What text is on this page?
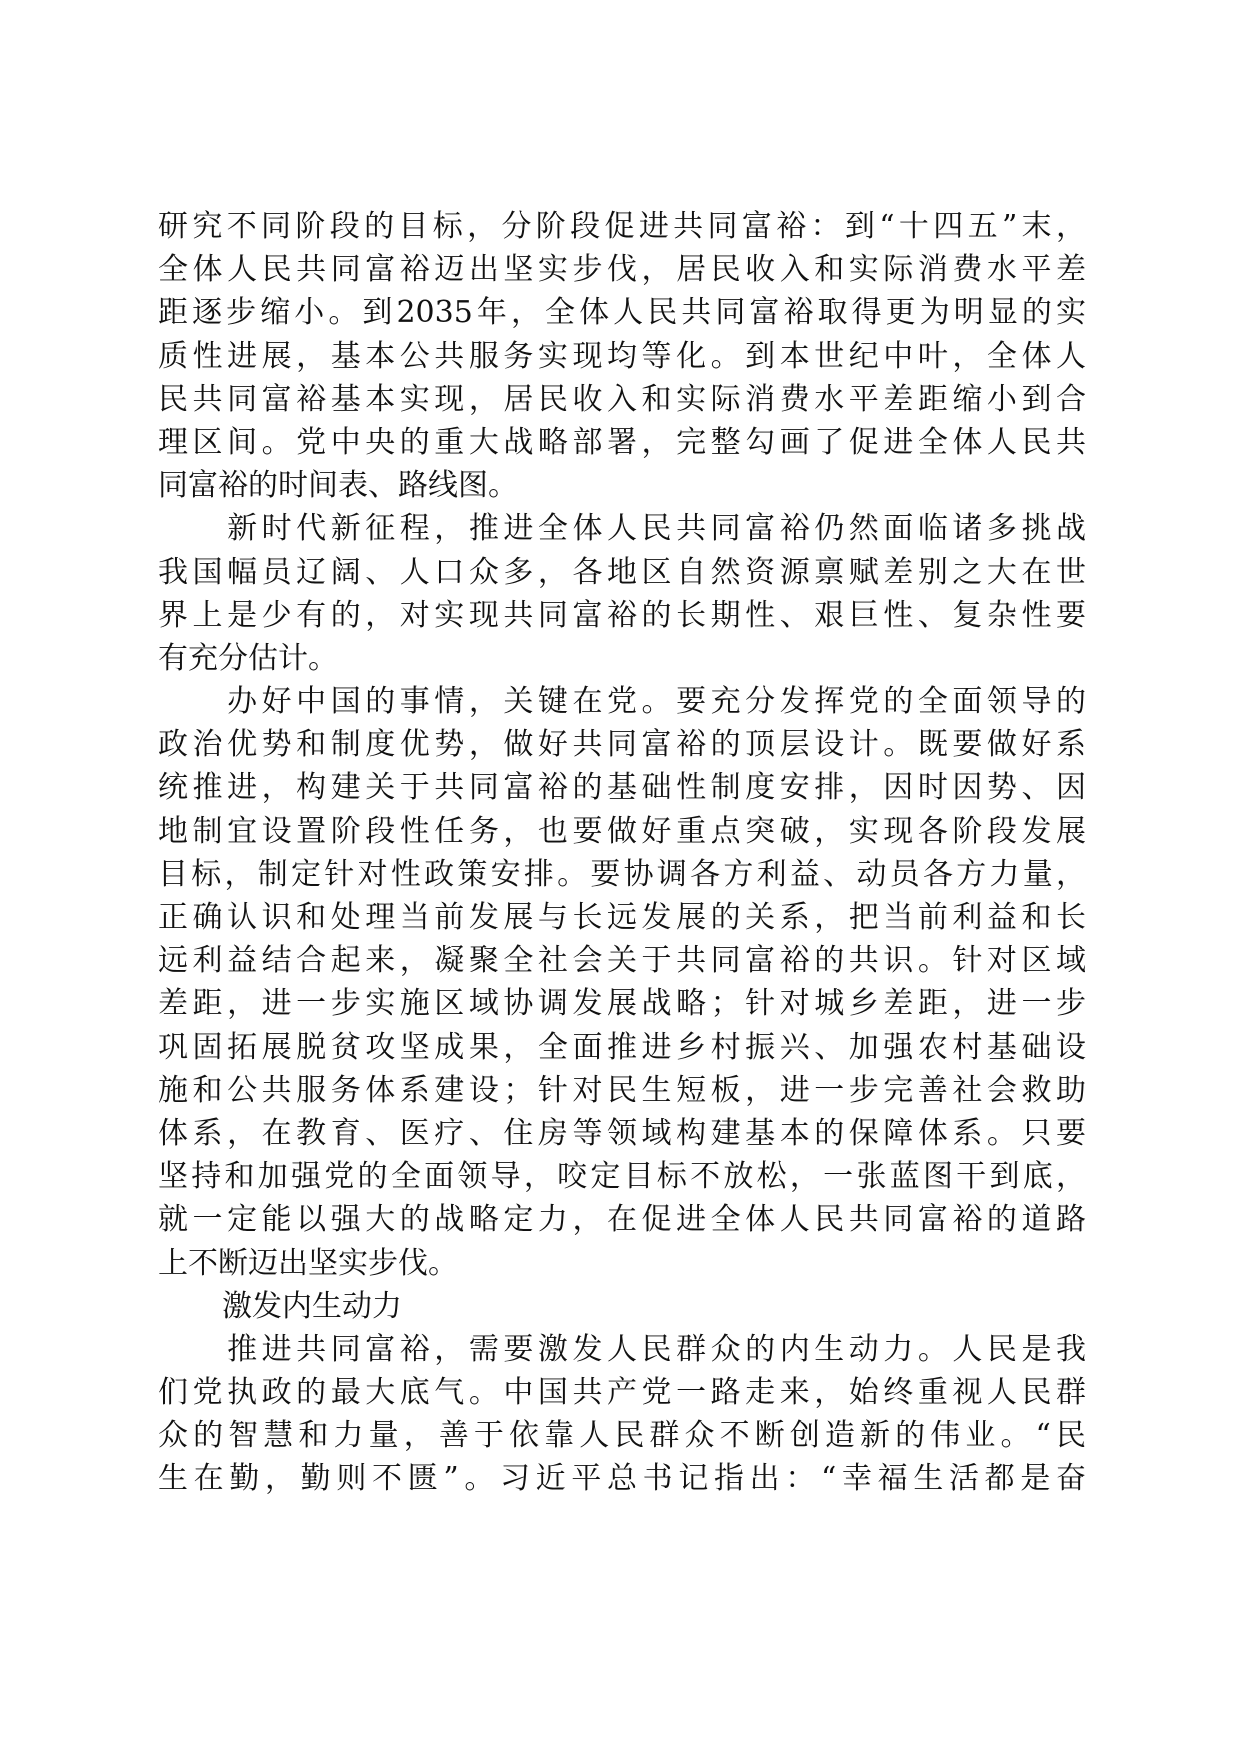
研究不同阶段的目标，分阶段促进共同富裕：到“十四五”末，
全体人民共同富裕迈出坚实步伐，居民收入和实际消费水平差
距逐步缩小。到2035年，全体人民共同富裕取得更为明显的实
质性进展，基本公共服务实现均等化。到本世纪中叶，全体人
民共同富裕基本实现，居民收入和实际消费水平差距缩小到合
理区间。党中央的重大战略部署，完整勾画了促进全体人民共
同富裕的时间表、路线图。
　　新时代新征程，推进全体人民共同富裕仍然面临诸多挑战
我国幅员辽阔、人口众多，各地区自然资源禀赋差别之大在世
界上是少有的，对实现共同富裕的长期性、艰巨性、复杂性要
有充分估计。
　　办好中国的事情，关键在党。要充分发挥党的全面领导的
政治优势和制度优势，做好共同富裕的顶层设计。既要做好系
统推进，构建关于共同富裕的基础性制度安排，因时因势、因
地制宜设置阶段性任务，也要做好重点突破，实现各阶段发展
目标，制定针对性政策安排。要协调各方利益、动员各方力量，
正确认识和处理当前发展与长远发展的关系，把当前利益和长
远利益结合起来，凝聚全社会关于共同富裕的共识。针对区域
差距，进一步实施区域协调发展战略；针对城乡差距，进一步
巩固拓展脱贫攻坚成果，全面推进乡村振兴、加强农村基础设
施和公共服务体系建设；针对民生短板，进一步完善社会救助
体系，在教育、医疗、住房等领域构建基本的保障体系。只要
坚持和加强党的全面领导，咬定目标不放松，一张蓝图干到底，
就一定能以强大的战略定力，在促进全体人民共同富裕的道路
上不断迈出坚实步伐。
激发内生动力
　　推进共同富裕，需要激发人民群众的内生动力。人民是我
们党执政的最大底气。中国共产党一路走来，始终重视人民群
众的智慧和力量，善于依靠人民群众不断创造新的伟业。“民
生在勤，勤则不匮”。习近平总书记指出：“幸福生活都是奋
